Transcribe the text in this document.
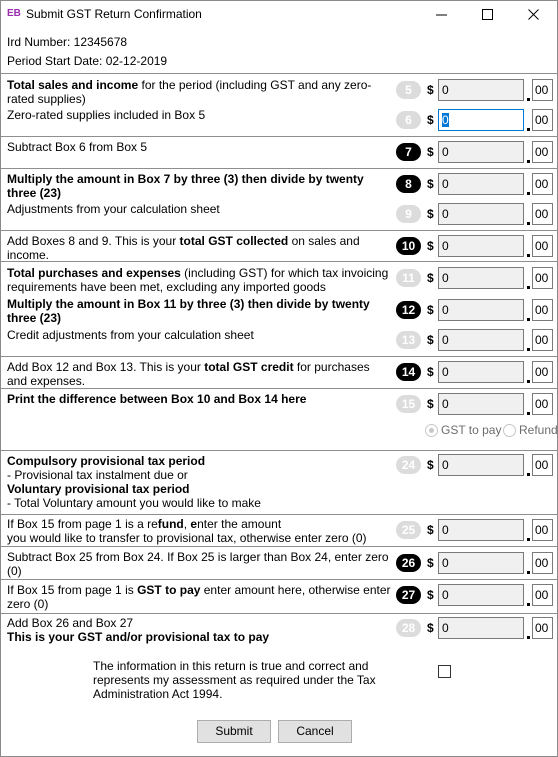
EB Submit GST Return Confirmation
Ird Number: 12345678
Period Start Date: 02-12-2019
Total sales and income for the period (including GST and any zero-rated supplies)
5	$ 0	00
Zero-rated supplies included in Box 5	6	$ 0	00
Subtract Box 6 from Box 5	7	$ 0	00
Multiply the amount in Box 7 by three (3) then divide by twenty three (23)
8	$ 0	00
Adjustments from your calculation sheet	9	$ 0	00
Add Boxes 8 and 9. This is your total GST collected on sales and income.
10 $ 0	00
Total purchases and expenses (including GST) for which tax invoicing requirements have been met, excluding any imported goods
11	$ 0	00
Multiply the amount in Box 11 by three (3) then divide by twenty three (23)
12 $ 0	00
Credit adjustments from your calculation sheet	13 $ 0	00
Add Box 12 and Box 13. This is your total GST credit for purchases and expenses.
14 $ 0	00
Print the difference between Box 10 and Box 14 here	15 $ 0	00
GST to pay Refund
Compulsory provisional tax period
- Provisional tax instalment due or
Voluntary provisional tax period
- Total Voluntary amount you would like to make
24 $ 0	00
If Box 15 from page 1 is a refund, enter the amount
you would like to transfer to provisional tax, otherwise enter zero (0)
25 $ 0	00
Subtract Box 25 from Box 24. If Box 25 is larger than Box 24, enter zero (0)
26 $ 0	00
If Box 15 from page 1 is GST to pay enter amount here, otherwise enter zero (0)
27 $ 0	00
Add Box 26 and Box 27
This is your GST and/or provisional tax to pay
28 $ 0	00
The information in this return is true and correct and represents my assessment as required under the Tax Administration Act 1994.
Submit	Cancel
